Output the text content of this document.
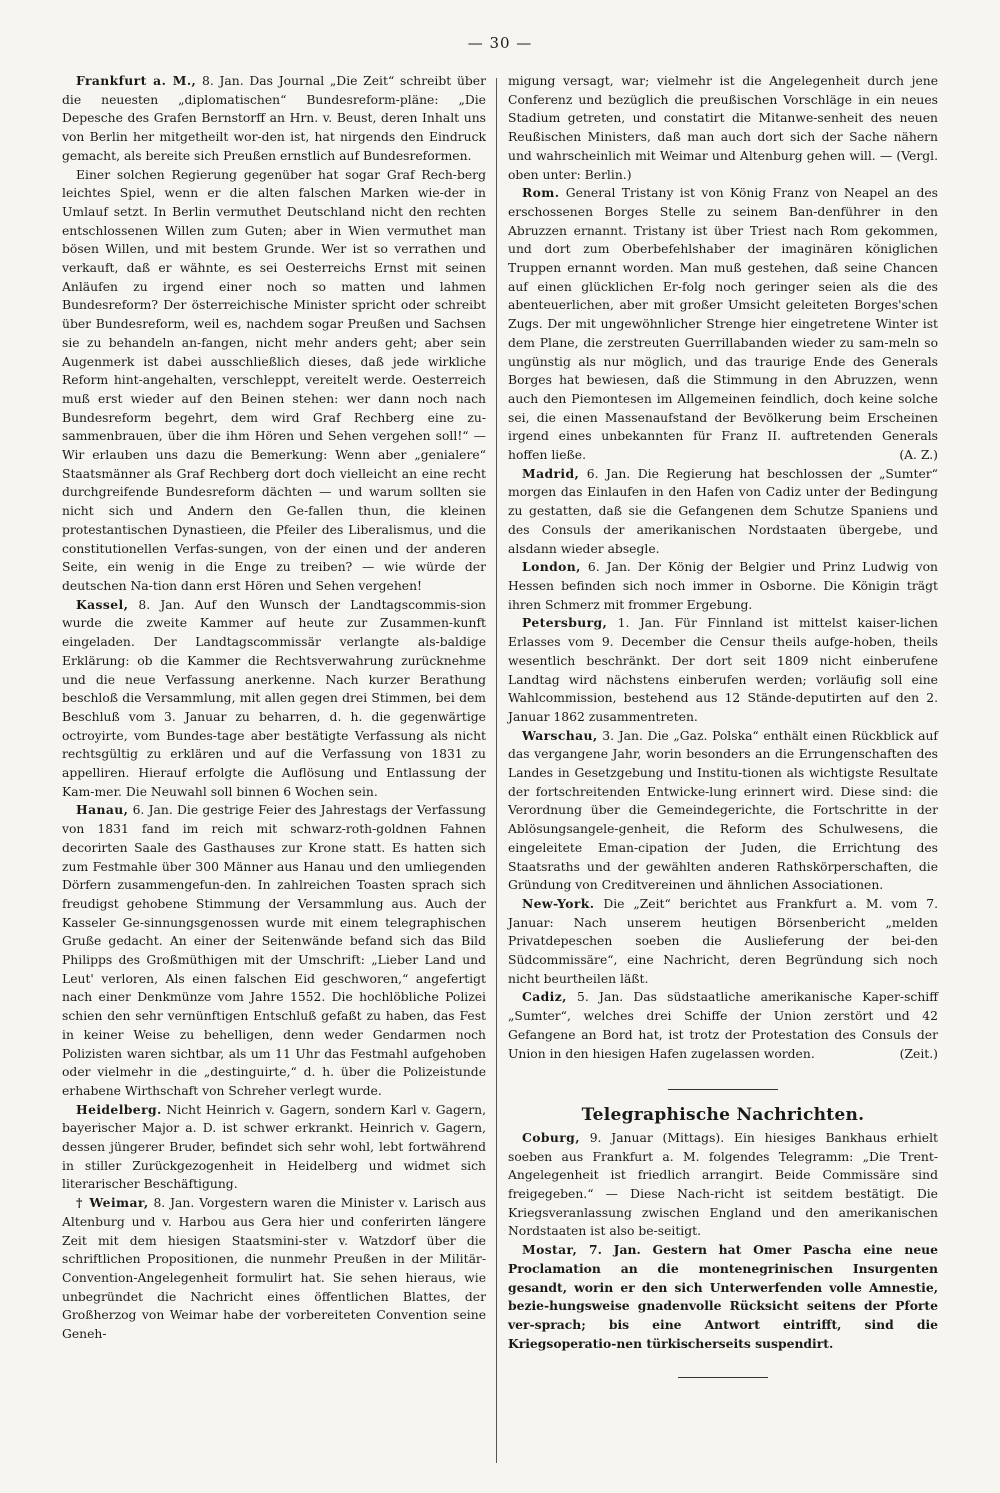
— 30 —

Frankfurt a. M., 8. Jan. Das Journal „Die Zeit“ schreibt über die neuesten „diplomatischen“ Bundesreform-pläne: „Die Depesche des Grafen Bernstorff an Hrn. v. Beust, deren Inhalt uns von Berlin her mitgetheilt wor-den ist, hat nirgends den Eindruck gemacht, als bereite sich Preußen ernstlich auf Bundesreformen.

Einer solchen Regierung gegenüber hat sogar Graf Rech-berg leichtes Spiel, wenn er die alten falschen Marken wie-der in Umlauf setzt. In Berlin vermuthet Deutschland nicht den rechten entschlossenen Willen zum Guten; aber in Wien vermuthet man bösen Willen, und mit bestem Grunde. Wer ist so verrathen und verkauft, daß er wähnte, es sei Oesterreichs Ernst mit seinen Anläufen zu irgend einer noch so matten und lahmen Bundesreform? Der österreichische Minister spricht oder schreibt über Bundesreform, weil es, nachdem sogar Preußen und Sachsen sie zu behandeln an-fangen, nicht mehr anders geht; aber sein Augenmerk ist dabei ausschließlich dieses, daß jede wirkliche Reform hint-angehalten, verschleppt, vereitelt werde. Oesterreich muß erst wieder auf den Beinen stehen: wer dann noch nach Bundesreform begehrt, dem wird Graf Rechberg eine zu-sammenbrauen, über die ihm Hören und Sehen vergehen soll!“ — Wir erlauben uns dazu die Bemerkung: Wenn aber „genialere“ Staatsmänner als Graf Rechberg dort doch vielleicht an eine recht durchgreifende Bundesreform dächten — und warum sollten sie nicht sich und Andern den Ge-fallen thun, die kleinen protestantischen Dynastieen, die Pfeiler des Liberalismus, und die constitutionellen Verfas-sungen, von der einen und der anderen Seite, ein wenig in die Enge zu treiben? — wie würde der deutschen Na-tion dann erst Hören und Sehen vergehen!

Kassel, 8. Jan. Auf den Wunsch der Landtagscommis-sion wurde die zweite Kammer auf heute zur Zusammen-kunft eingeladen. Der Landtagscommissär verlangte als-baldige Erklärung: ob die Kammer die Rechtsverwahrung zurücknehme und die neue Verfassung anerkenne. Nach kurzer Berathung beschloß die Versammlung, mit allen gegen drei Stimmen, bei dem Beschluß vom 3. Januar zu beharren, d. h. die gegenwärtige octroyirte, vom Bundes-tage aber bestätigte Verfassung als nicht rechtsgültig zu erklären und auf die Verfassung von 1831 zu appelliren. Hierauf erfolgte die Auflösung und Entlassung der Kam-mer. Die Neuwahl soll binnen 6 Wochen sein.

Hanau, 6. Jan. Die gestrige Feier des Jahrestags der Verfassung von 1831 fand im reich mit schwarz-roth-goldnen Fahnen decorirten Saale des Gasthauses zur Krone statt. Es hatten sich zum Festmahle über 300 Männer aus Hanau und den umliegenden Dörfern zusammengefun-den. In zahlreichen Toasten sprach sich freudigst gehobene Stimmung der Versammlung aus. Auch der Kasseler Ge-sinnungsgenossen wurde mit einem telegraphischen Gruße gedacht. An einer der Seitenwände befand sich das Bild Philipps des Großmüthigen mit der Umschrift: „Lieber Land und Leut' verloren, Als einen falschen Eid geschworen,“ angefertigt nach einer Denkmünze vom Jahre 1552. Die hochlöbliche Polizei schien den sehr vernünftigen Entschluß gefaßt zu haben, das Fest in keiner Weise zu behelligen, denn weder Gendarmen noch Polizisten waren sichtbar, als um 11 Uhr das Festmahl aufgehoben oder vielmehr in die „destinguirte,“ d. h. über die Polizeistunde erhabene Wirthschaft von Schreher verlegt wurde.

Heidelberg. Nicht Heinrich v. Gagern, sondern Karl v. Gagern, bayerischer Major a. D. ist schwer erkrankt. Heinrich v. Gagern, dessen jüngerer Bruder, befindet sich sehr wohl, lebt fortwährend in stiller Zurückgezogenheit in Heidelberg und widmet sich literarischer Beschäftigung.

† Weimar, 8. Jan. Vorgestern waren die Minister v. Larisch aus Altenburg und v. Harbou aus Gera hier und conferirten längere Zeit mit dem hiesigen Staatsmini-ster v. Watzdorf über die schriftlichen Propositionen, die nunmehr Preußen in der Militär-Convention-Angelegenheit formulirt hat. Sie sehen hieraus, wie unbegründet die Nachricht eines öffentlichen Blattes, der Großherzog von Weimar habe der vorbereiteten Convention seine Geneh-

migung versagt, war; vielmehr ist die Angelegenheit durch jene Conferenz und bezüglich die preußischen Vorschläge in ein neues Stadium getreten, und constatirt die Mitanwe-senheit des neuen Reußischen Ministers, daß man auch dort sich der Sache nähern und wahrscheinlich mit Weimar und Altenburg gehen will. — (Vergl. oben unter: Berlin.)

Rom. General Tristany ist von König Franz von Neapel an des erschossenen Borges Stelle zu seinem Ban-denführer in den Abruzzen ernannt. Tristany ist über Triest nach Rom gekommen, und dort zum Oberbefehlshaber der imaginären königlichen Truppen ernannt worden. Man muß gestehen, daß seine Chancen auf einen glücklichen Er-folg noch geringer seien als die des abenteuerlichen, aber mit großer Umsicht geleiteten Borges'schen Zugs. Der mit ungewöhnlicher Strenge hier eingetretene Winter ist dem Plane, die zerstreuten Guerrillabanden wieder zu sam-meln so ungünstig als nur möglich, und das traurige Ende des Generals Borges hat bewiesen, daß die Stimmung in den Abruzzen, wenn auch den Piemontesen im Allgemeinen feindlich, doch keine solche sei, die einen Massenaufstand der Bevölkerung beim Erscheinen irgend eines unbekannten für Franz II. auftretenden Generals hoffen ließe.	(A. Z.)

Madrid, 6. Jan. Die Regierung hat beschlossen der „Sumter“ morgen das Einlaufen in den Hafen von Cadiz unter der Bedingung zu gestatten, daß sie die Gefangenen dem Schutze Spaniens und des Consuls der amerikanischen Nordstaaten übergebe, und alsdann wieder absegle.

London, 6. Jan. Der König der Belgier und Prinz Ludwig von Hessen befinden sich noch immer in Osborne. Die Königin trägt ihren Schmerz mit frommer Ergebung.

Petersburg, 1. Jan. Für Finnland ist mittelst kaiser-lichen Erlasses vom 9. December die Censur theils aufge-hoben, theils wesentlich beschränkt. Der dort seit 1809 nicht einberufene Landtag wird nächstens einberufen werden; vorläufig soll eine Wahlcommission, bestehend aus 12 Stände-deputirten auf den 2. Januar 1862 zusammentreten.

Warschau, 3. Jan. Die „Gaz. Polska“ enthält einen Rückblick auf das vergangene Jahr, worin besonders an die Errungenschaften des Landes in Gesetzgebung und Institu-tionen als wichtigste Resultate der fortschreitenden Entwicke-lung erinnert wird. Diese sind: die Verordnung über die Gemeindegerichte, die Fortschritte in der Ablösungsangele-genheit, die Reform des Schulwesens, die eingeleitete Eman-cipation der Juden, die Errichtung des Staatsraths und der gewählten anderen Rathskörperschaften, die Gründung von Creditvereinen und ähnlichen Associationen.

New-York. Die „Zeit“ berichtet aus Frankfurt a. M. vom 7. Januar: Nach unserem heutigen Börsenbericht „melden Privatdepeschen soeben die Auslieferung der bei-den Südcommissäre“, eine Nachricht, deren Begründung sich noch nicht beurtheilen läßt.

Cadiz, 5. Jan. Das südstaatliche amerikanische Kaper-schiff „Sumter“, welches drei Schiffe der Union zerstört und 42 Gefangene an Bord hat, ist trotz der Protestation des Consuls der Union in den hiesigen Hafen zugelassen worden.	(Zeit.)

Telegraphische Nachrichten.

Coburg, 9. Januar (Mittags). Ein hiesiges Bankhaus erhielt soeben aus Frankfurt a. M. folgendes Telegramm: „Die Trent-Angelegenheit ist friedlich arrangirt. Beide Commissäre sind freigegeben.“ — Diese Nach-richt ist seitdem bestätigt. Die Kriegsveranlassung zwischen England und den amerikanischen Nordstaaten ist also be-seitigt.

Mostar, 7. Jan. Gestern hat Omer Pascha eine neue Proclamation an die montenegrinischen Insurgenten gesandt, worin er den sich Unterwerfenden volle Amnestie, bezie-hungsweise gnadenvolle Rücksicht seitens der Pforte ver-sprach; bis eine Antwort eintrifft, sind die Kriegsoperatio-nen türkischerseits suspendirt.
